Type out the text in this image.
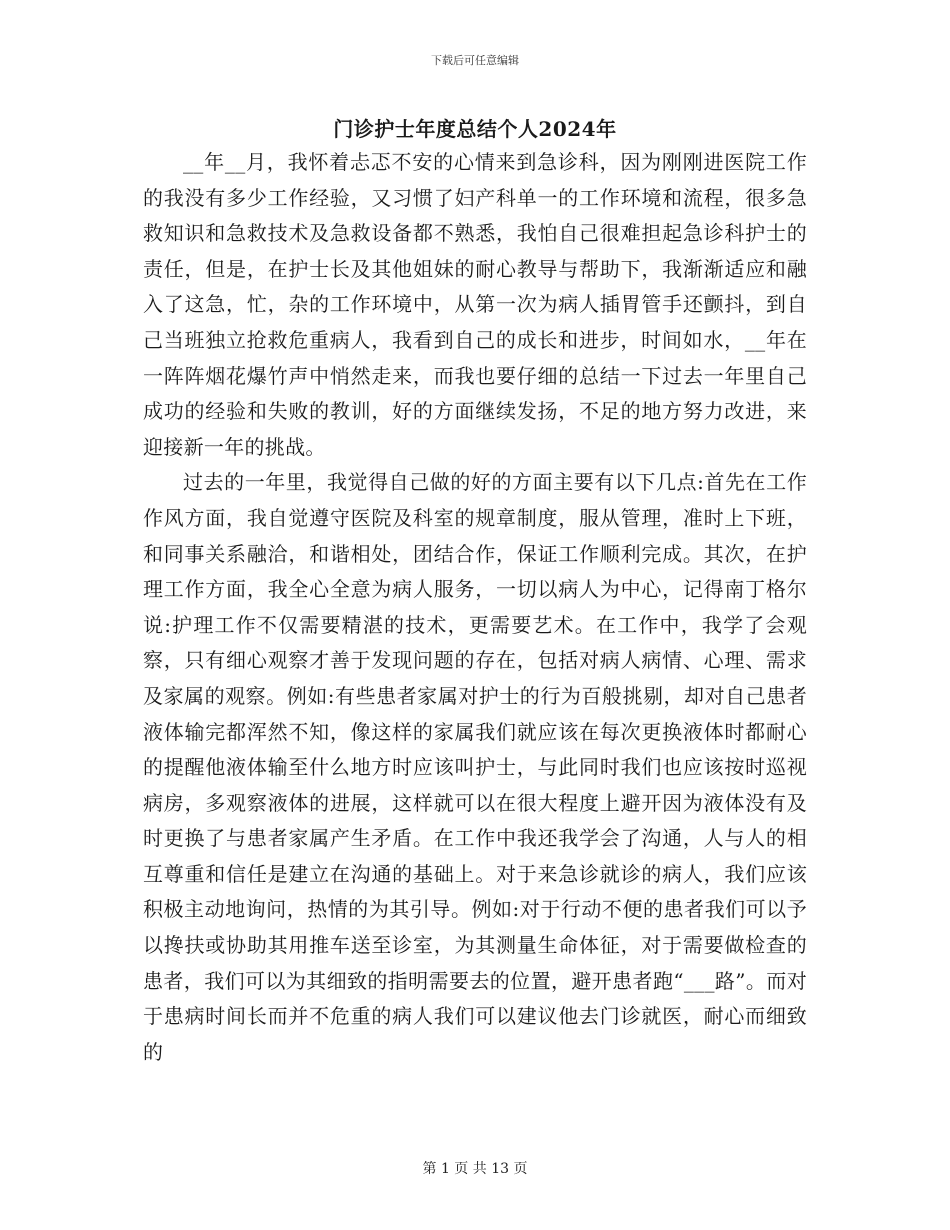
下载后可任意编辑
门诊护士年度总结个人2024年

__年__月，我怀着忐忑不安的心情来到急诊科，因为刚刚进医院工作的我没有多少工作经验，又习惯了妇产科单一的工作环境和流程，很多急救知识和急救技术及急救设备都不熟悉，我怕自己很难担起急诊科护士的责任，但是，在护士长及其他姐妹的耐心教导与帮助下，我渐渐适应和融入了这急，忙，杂的工作环境中，从第一次为病人插胃管手还颤抖，到自己当班独立抢救危重病人，我看到自己的成长和进步，时间如水，__年在一阵阵烟花爆竹声中悄然走来，而我也要仔细的总结一下过去一年里自己成功的经验和失败的教训，好的方面继续发扬，不足的地方努力改进，来迎接新一年的挑战。

过去的一年里，我觉得自己做的好的方面主要有以下几点:首先在工作作风方面，我自觉遵守医院及科室的规章制度，服从管理，准时上下班，和同事关系融洽，和谐相处，团结合作，保证工作顺利完成。其次，在护理工作方面，我全心全意为病人服务，一切以病人为中心，记得南丁格尔说:护理工作不仅需要精湛的技术，更需要艺术。在工作中，我学了会观察，只有细心观察才善于发现问题的存在，包括对病人病情、心理、需求及家属的观察。例如:有些患者家属对护士的行为百般挑剔，却对自己患者液体输完都浑然不知，像这样的家属我们就应该在每次更换液体时都耐心的提醒他液体输至什么地方时应该叫护士，与此同时我们也应该按时巡视病房，多观察液体的进展，这样就可以在很大程度上避开因为液体没有及时更换了与患者家属产生矛盾。在工作中我还我学会了沟通，人与人的相互尊重和信任是建立在沟通的基础上。对于来急诊就诊的病人，我们应该积极主动地询问，热情的为其引导。例如:对于行动不便的患者我们可以予以搀扶或协助其用推车送至诊室，为其测量生命体征，对于需要做检查的患者，我们可以为其细致的指明需要去的位置，避开患者跑“___路”。而对于患病时间长而并不危重的病人我们可以建议他去门诊就医，耐心而细致的

第 1 页 共 13 页
